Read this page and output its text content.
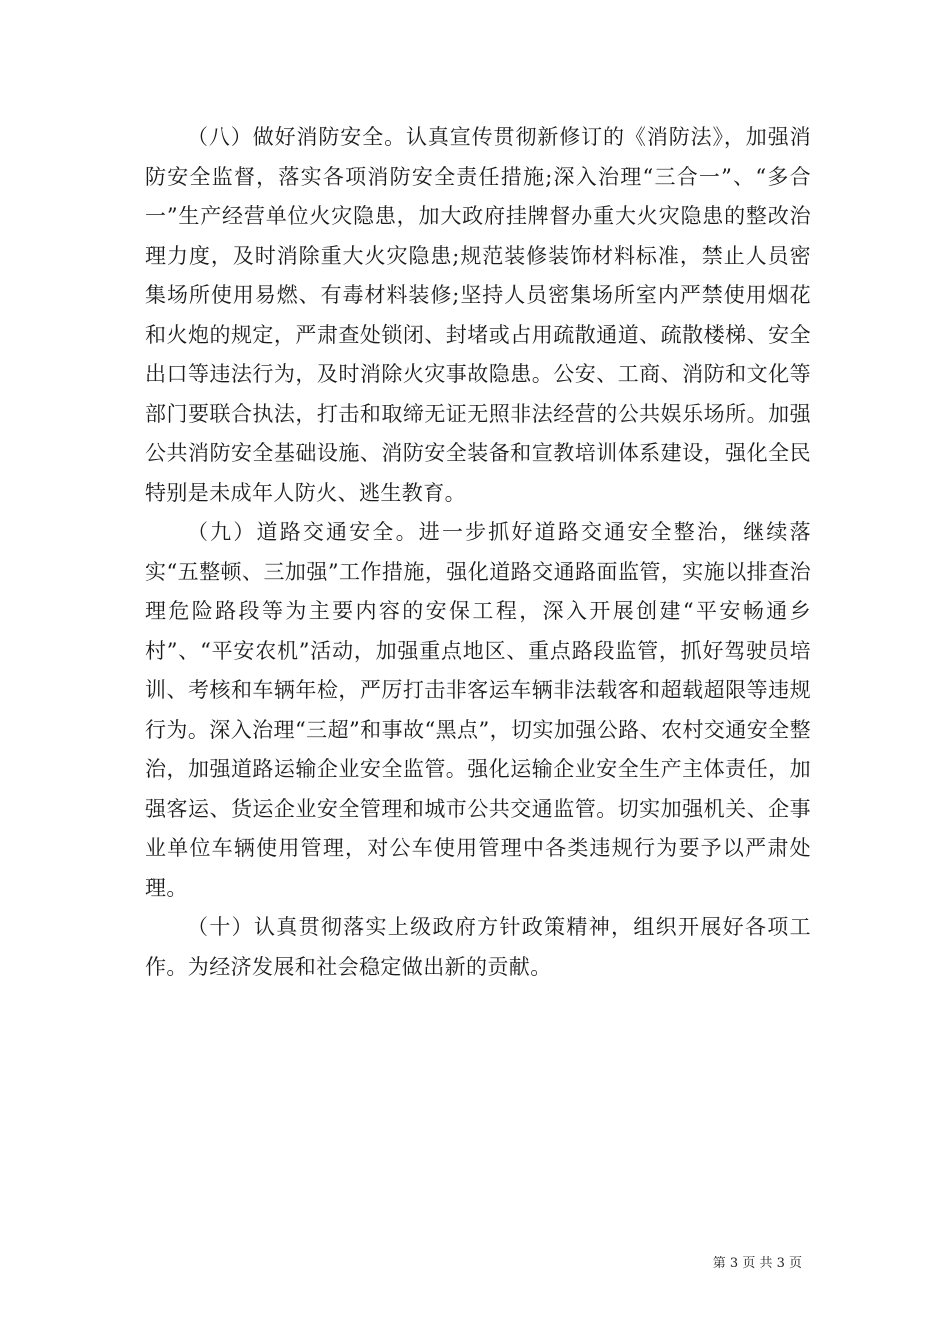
（八）做好消防安全。认真宣传贯彻新修订的《消防法》，加强消防安全监督，落实各项消防安全责任措施;深入治理“三合一”、“多合一”生产经营单位火灾隐患，加大政府挂牌督办重大火灾隐患的整改治理力度，及时消除重大火灾隐患;规范装修装饰材料标准，禁止人员密集场所使用易燃、有毒材料装修;坚持人员密集场所室内严禁使用烟花和火炮的规定，严肃查处锁闭、封堵或占用疏散通道、疏散楼梯、安全出口等违法行为，及时消除火灾事故隐患。公安、工商、消防和文化等部门要联合执法，打击和取缔无证无照非法经营的公共娱乐场所。加强公共消防安全基础设施、消防安全装备和宣教培训体系建设，强化全民特别是未成年人防火、逃生教育。

（九）道路交通安全。进一步抓好道路交通安全整治，继续落实“五整顿、三加强”工作措施，强化道路交通路面监管，实施以排查治理危险路段等为主要内容的安保工程，深入开展创建“平安畅通乡村”、“平安农机”活动，加强重点地区、重点路段监管，抓好驾驶员培训、考核和车辆年检，严厉打击非客运车辆非法载客和超载超限等违规行为。深入治理“三超”和事故“黑点”，切实加强公路、农村交通安全整治，加强道路运输企业安全监管。强化运输企业安全生产主体责任，加强客运、货运企业安全管理和城市公共交通监管。切实加强机关、企事业单位车辆使用管理，对公车使用管理中各类违规行为要予以严肃处理。

（十）认真贯彻落实上级政府方针政策精神，组织开展好各项工作。为经济发展和社会稳定做出新的贡献。

第 3 页 共 3 页
